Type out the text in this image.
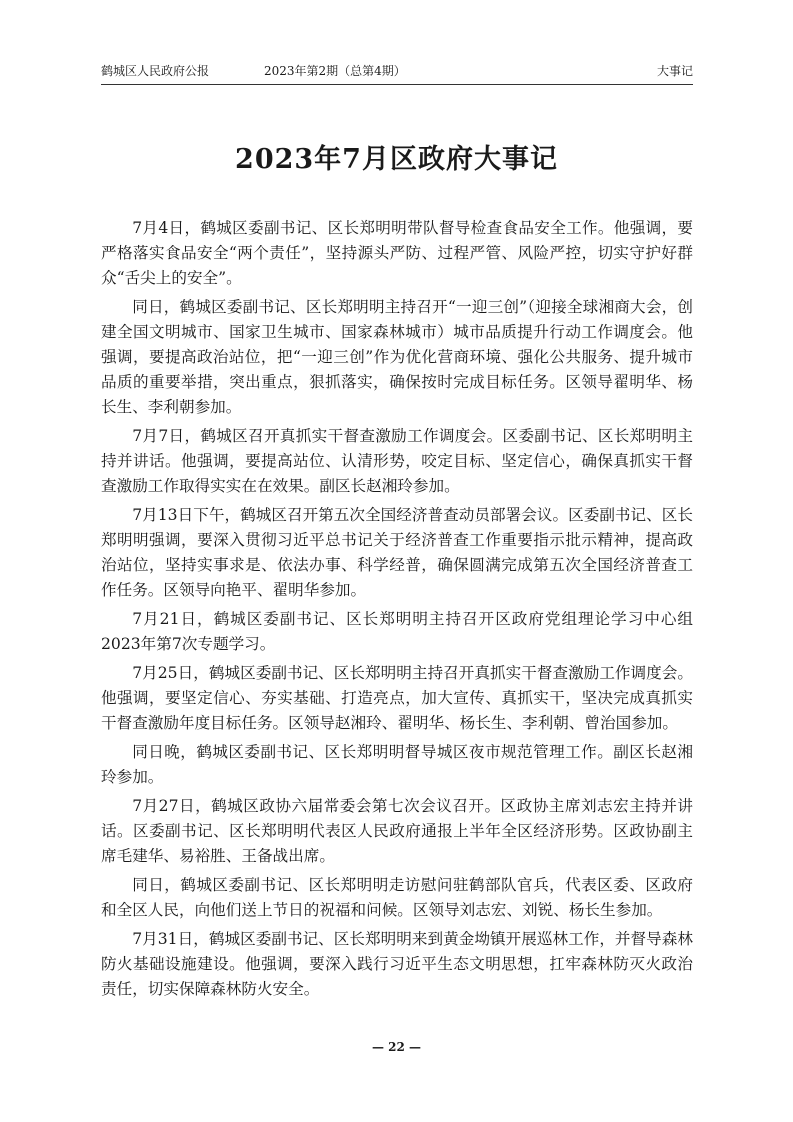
鹤城区人民政府公报	2023年第2期（总第4期）	大事记
2023年7月区政府大事记

7月4日，鹤城区委副书记、区长郑明明带队督导检查食品安全工作。他强调，要严格落实食品安全“两个责任”，坚持源头严防、过程严管、风险严控，切实守护好群众“舌尖上的安全”。

同日，鹤城区委副书记、区长郑明明主持召开“一迎三创”（迎接全球湘商大会，创建全国文明城市、国家卫生城市、国家森林城市）城市品质提升行动工作调度会。他强调，要提高政治站位，把“一迎三创”作为优化营商环境、强化公共服务、提升城市品质的重要举措，突出重点，狠抓落实，确保按时完成目标任务。区领导翟明华、杨长生、李利朝参加。

7月7日，鹤城区召开真抓实干督查激励工作调度会。区委副书记、区长郑明明主持并讲话。他强调，要提高站位、认清形势，咬定目标、坚定信心，确保真抓实干督查激励工作取得实实在在效果。副区长赵湘玲参加。

7月13日下午，鹤城区召开第五次全国经济普查动员部署会议。区委副书记、区长郑明明强调，要深入贯彻习近平总书记关于经济普查工作重要指示批示精神，提高政治站位，坚持实事求是、依法办事、科学经普，确保圆满完成第五次全国经济普查工作任务。区领导向艳平、翟明华参加。

7月21日，鹤城区委副书记、区长郑明明主持召开区政府党组理论学习中心组2023年第7次专题学习。

7月25日，鹤城区委副书记、区长郑明明主持召开真抓实干督查激励工作调度会。他强调，要坚定信心、夯实基础、打造亮点，加大宣传、真抓实干，坚决完成真抓实干督查激励年度目标任务。区领导赵湘玲、翟明华、杨长生、李利朝、曾治国参加。

同日晚，鹤城区委副书记、区长郑明明督导城区夜市规范管理工作。副区长赵湘玲参加。

7月27日，鹤城区政协六届常委会第七次会议召开。区政协主席刘志宏主持并讲话。区委副书记、区长郑明明代表区人民政府通报上半年全区经济形势。区政协副主席毛建华、易裕胜、王备战出席。

同日，鹤城区委副书记、区长郑明明走访慰问驻鹤部队官兵，代表区委、区政府和全区人民，向他们送上节日的祝福和问候。区领导刘志宏、刘锐、杨长生参加。

7月31日，鹤城区委副书记、区长郑明明来到黄金坳镇开展巡林工作，并督导森林防火基础设施建设。他强调，要深入践行习近平生态文明思想，扛牢森林防灭火政治责任，切实保障森林防火安全。

— 22 —
